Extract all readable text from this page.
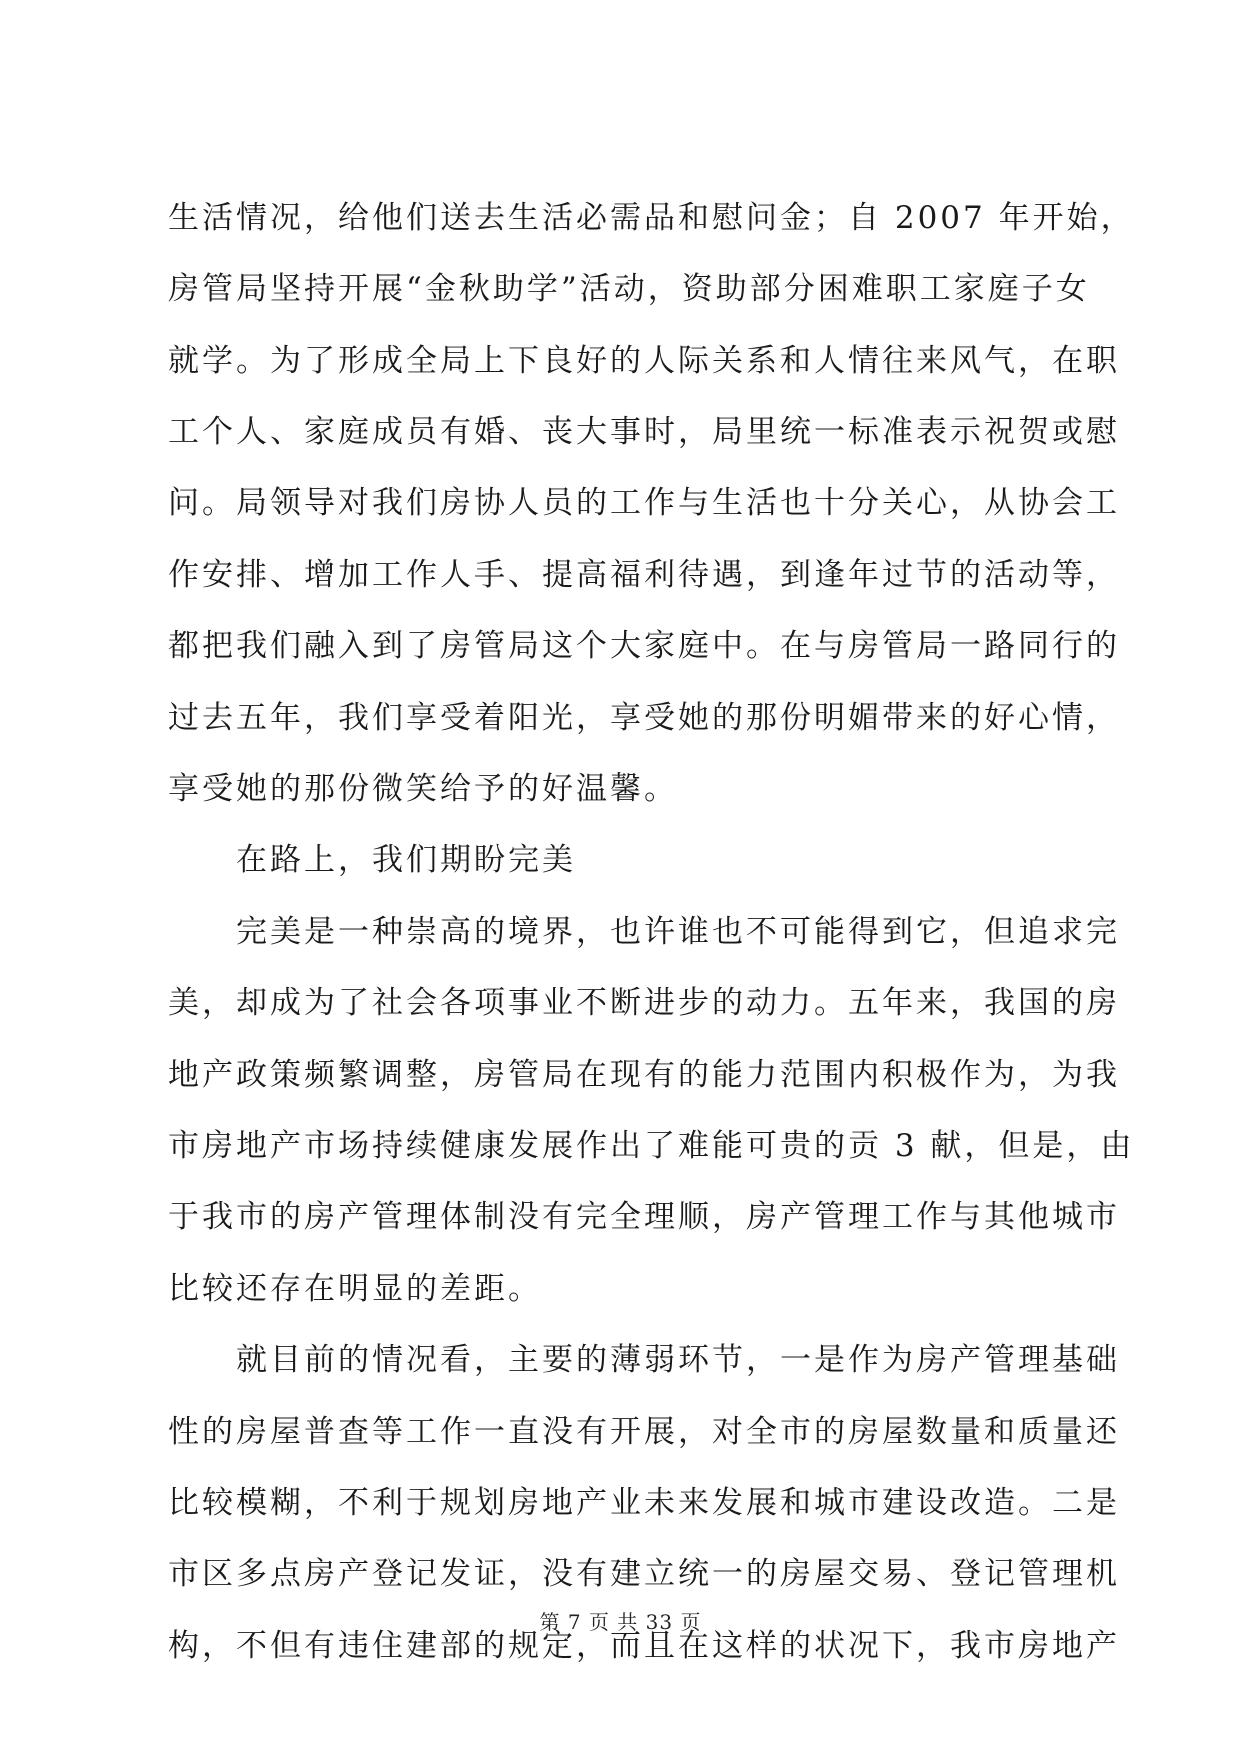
生活情况，给他们送去生活必需品和慰问金；自 2007 年开始，
房管局坚持开展“金秋助学”活动，资助部分困难职工家庭子女
就学。为了形成全局上下良好的人际关系和人情往来风气，在职
工个人、家庭成员有婚、丧大事时，局里统一标准表示祝贺或慰
问。局领导对我们房协人员的工作与生活也十分关心，从协会工
作安排、增加工作人手、提高福利待遇，到逢年过节的活动等，
都把我们融入到了房管局这个大家庭中。在与房管局一路同行的
过去五年，我们享受着阳光，享受她的那份明媚带来的好心情，
享受她的那份微笑给予的好温馨。
在路上，我们期盼完美
完美是一种崇高的境界，也许谁也不可能得到它，但追求完
美，却成为了社会各项事业不断进步的动力。五年来，我国的房
地产政策频繁调整，房管局在现有的能力范围内积极作为，为我
市房地产市场持续健康发展作出了难能可贵的贡 3 献，但是，由
于我市的房产管理体制没有完全理顺，房产管理工作与其他城市
比较还存在明显的差距。
就目前的情况看，主要的薄弱环节，一是作为房产管理基础
性的房屋普查等工作一直没有开展，对全市的房屋数量和质量还
比较模糊，不利于规划房地产业未来发展和城市建设改造。二是
市区多点房产登记发证，没有建立统一的房屋交易、登记管理机
构，不但有违住建部的规定，而且在这样的状况下，我市房地产
第 7 页 共 33 页
